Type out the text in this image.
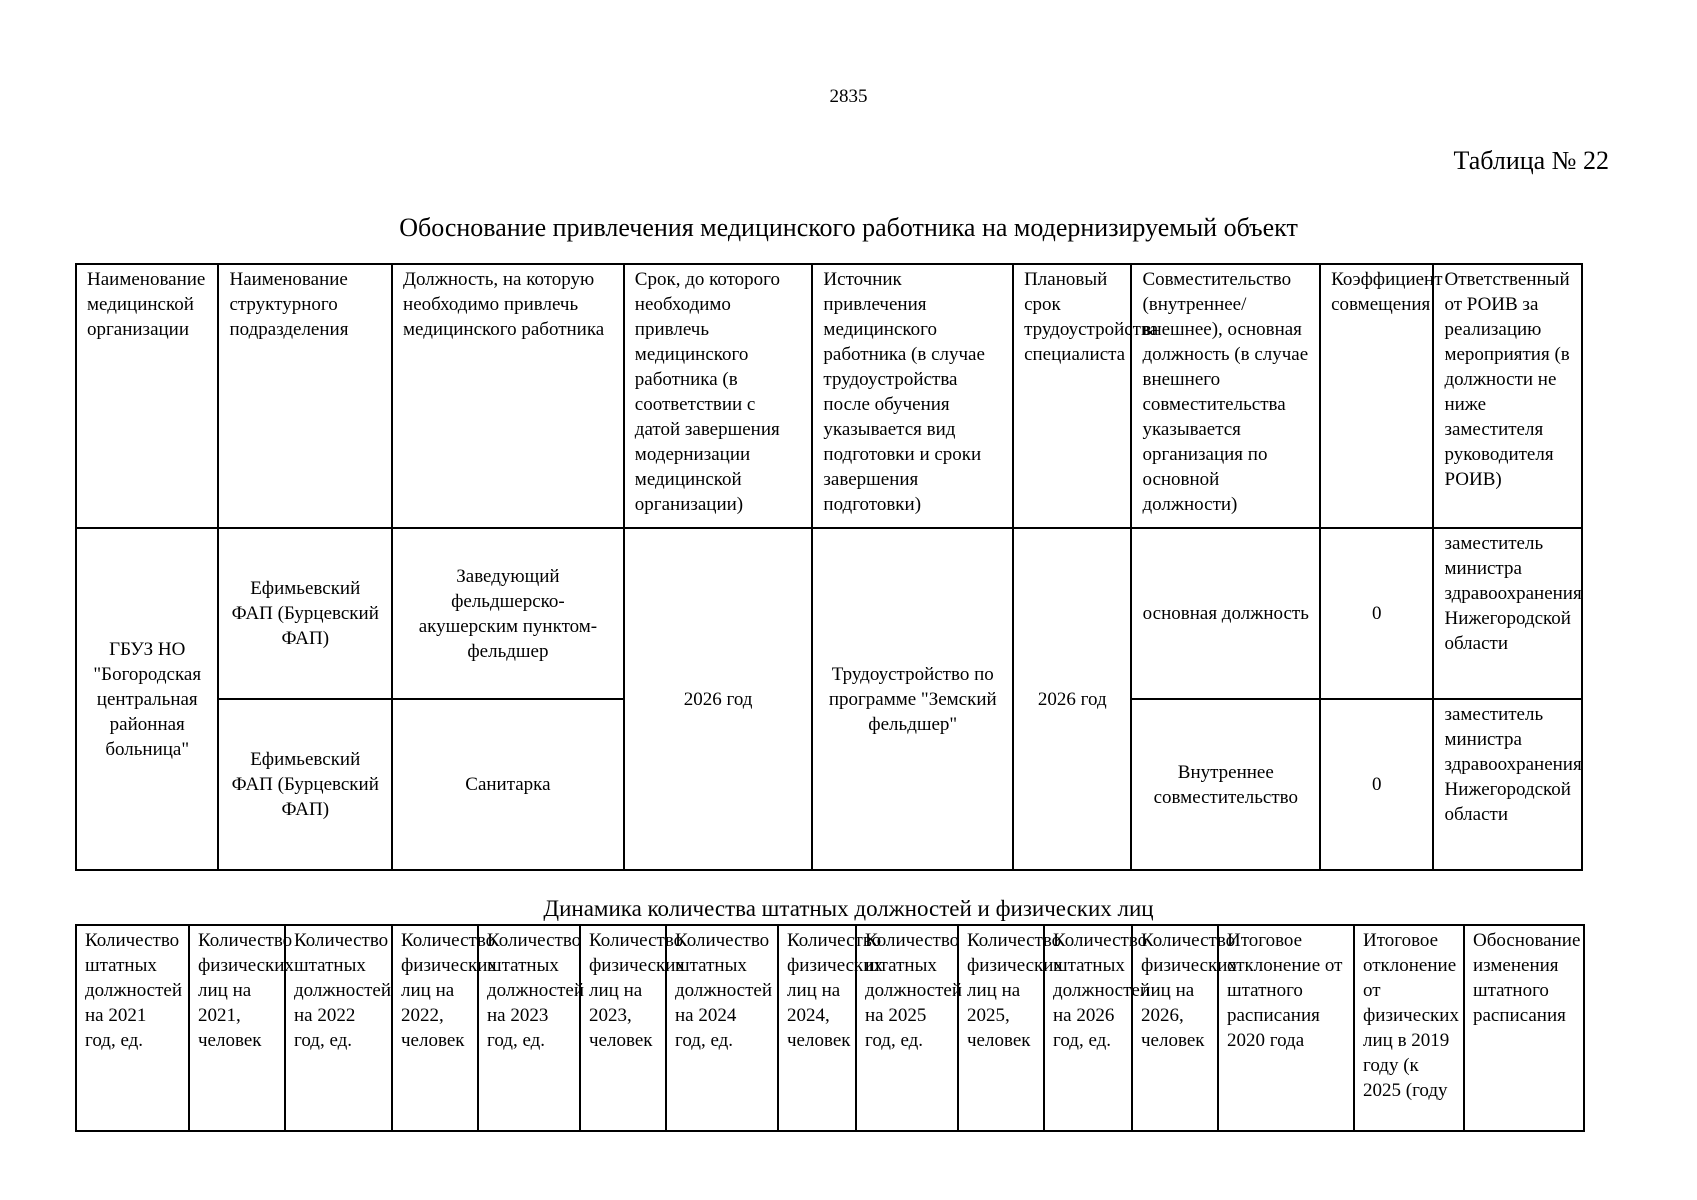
2835
Таблица № 22
Обоснование привлечения медицинского работника на модернизируемый объект
Наименование медицинской организации	Наименование структурного подразделения	Должность, на которую необходимо привлечь медицинского работника	Срок, до которого необходимо привлечь медицинского работника (в соответствии с датой завершения модернизации медицинской организации)	Источник привлечения медицинского работника (в случае трудоустройства после обучения указывается вид подготовки и сроки завершения подготовки)	Плановый срок трудоустройства специалиста	Совместительство (внутреннее/внешнее), основная должность (в случае внешнего совместительства указывается организация по основной должности)	Коэффициент совмещения	Ответственный от РОИВ за реализацию мероприятия (в должности не ниже заместителя руководителя РОИВ)
ГБУЗ НО "Богородская центральная районная больница"	Ефимьевский ФАП (Бурцевский ФАП)	Заведующий фельдшерско-акушерским пунктом-фельдшер	2026 год	Трудоустройство по программе "Земский фельдшер"	2026 год	основная должность	0	заместитель министра здравоохранения Нижегородской области
	Ефимьевский ФАП (Бурцевский ФАП)	Санитарка				Внутреннее совместительство	0	заместитель министра здравоохранения Нижегородской области
Динамика количества штатных должностей и физических лиц
Количество штатных должностей на 2021 год, ед.	Количество физических лиц на 2021, человек	Количество штатных должностей на 2022 год, ед.	Количество физических лиц на 2022, человек	Количество штатных должностей на 2023 год, ед.	Количество физических лиц на 2023, человек	Количество штатных должностей на 2024 год, ед.	Количество физических лиц на 2024, человек	Количество штатных должностей на 2025 год, ед.	Количество физических лиц на 2025, человек	Количество штатных должностей на 2026 год, ед.	Количество физических лиц на 2026, человек	Итоговое отклонение от штатного расписания 2020 года	Итоговое отклонение от физических лиц в 2019 году (к 2025 (году	Обоснование изменения штатного расписания
